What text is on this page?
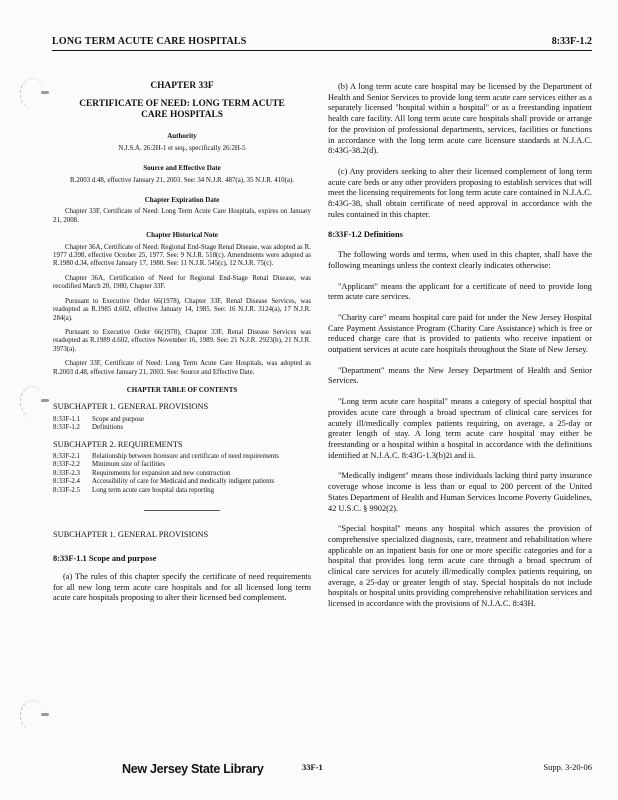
LONG TERM ACUTE CARE HOSPITALS	8:33F-1.2
CHAPTER 33F
CERTIFICATE OF NEED: LONG TERM ACUTE CARE HOSPITALS
Authority
N.J.S.A. 26:2H-1 et seq., specifically 26:2H-5
Source and Effective Date
R.2003 d.48, effective January 21, 2003. See: 34 N.J.R. 487(a), 35 N.J.R. 410(a).
Chapter Expiration Date
Chapter 33F, Certificate of Need: Long Term Acute Care Hospitals, expires on January 21, 2008.
Chapter Historical Note

Chapter 36A, Certificate of Need: Regional End-Stage Renal Disease, was adopted as R. 1977 d.398, effective October 25, 1977. See: 9 N.J.R. 518(c). Amendments were adopted as R.1980 d.34, effective January 17, 1980. See: 11 N.J.R. 545(c), 12 N.J.R. 75(c).

Chapter 36A, Certification of Need for Regional End-Stage Renal Disease, was recodified March 20, 1980, Chapter 33F.

Pursuant to Executive Order 66(1978), Chapter 33F, Renal Disease Services, was readopted as R.1985 d.602, effective January 14, 1985. See: 16 N.J.R. 3124(a), 17 N.J.R. 284(a).

Pursuant to Executive Order 66(1978), Chapter 33F, Renal Disease Services was readopted as R.1989 d.602, effective November 16, 1989. See: 21 N.J.R. 2923(b), 21 N.J.R. 3973(a).

Chapter 33F, Certificate of Need: Long Term Acute Care Hospitals, was adopted as R.2003 d.48, effective January 21, 2003. See: Source and Effective Date.

CHAPTER TABLE OF CONTENTS
SUBCHAPTER 1. GENERAL PROVISIONS
8:33F-1.1	Scope and purpose
8:33F-1.2	Definitions
SUBCHAPTER 2. REQUIREMENTS
8:33F-2.1	Relationship between licensure and certificate of need requirements
8:33F-2.2	Minimum size of facilities
8:33F-2.3	Requirements for expansion and new construction
8:33F-2.4	Accessibility of care for Medicaid and medically indigent patients
8:33F-2.5	Long term acute care hospital data reporting
SUBCHAPTER 1. GENERAL PROVISIONS
8:33F-1.1 Scope and purpose

(a) The rules of this chapter specify the certificate of need requirements for all new long term acute care hospitals and for all licensed long term acute care hospitals proposing to alter their licensed bed complement.

(b) A long term acute care hospital may be licensed by the Department of Health and Senior Services to provide long term acute care services either as a separately licensed "hospital within a hospital" or as a freestanding inpatient health care facility. All long term acute care hospitals shall provide or arrange for the provision of professional departments, services, facilities or functions in accordance with the long term acute care licensure standards at N.J.A.C. 8:43G-38.2(d).

(c) Any providers seeking to alter their licensed complement of long term acute care beds or any other providers proposing to establish services that will meet the licensing requirements for long term acute care contained in N.J.A.C. 8:43G-38, shall obtain certificate of need approval in accordance with the rules contained in this chapter.

8:33F-1.2 Definitions

The following words and terms, when used in this chapter, shall have the following meanings unless the context clearly indicates otherwise:

"Applicant" means the applicant for a certificate of need to provide long term acute care services.

"Charity care" means hospital care paid for under the New Jersey Hospital Care Payment Assistance Program (Charity Care Assistance) which is free or reduced charge care that is provided to patients who receive inpatient or outpatient services at acute care hospitals throughout the State of New Jersey.

"Department" means the New Jersey Department of Health and Senior Services.

"Long term acute care hospital" means a category of special hospital that provides acute care through a broad spectrum of clinical care services for acutely ill/medically complex patients requiring, on average, a 25-day or greater length of stay. A long term acute care hospital may either be freestanding or a hospital within a hospital in accordance with the definitions identified at N.J.A.C. 8:43G-1.3(b)2i and ii.

"Medically indigent" means those individuals lacking third party insurance coverage whose income is less than or equal to 200 percent of the United States Department of Health and Human Services Income Poverty Guidelines, 42 U.S.C. § 9902(2).

"Special hospital" means any hospital which assures the provision of comprehensive specialized diagnosis, care, treatment and rehabilitation where applicable on an inpatient basis for one or more specific categories and for a hospital that provides long term acute care through a broad spectrum of clinical care services for acutely ill/medically complex patients requiring, on average, a 25-day or greater length of stay. Special hospitals do not include hospitals or hospital units providing comprehensive rehabilitation services and licensed in accordance with the provisions of N.J.A.C. 8:43H.

New Jersey State Library	33F-1	Supp. 3-20-06
